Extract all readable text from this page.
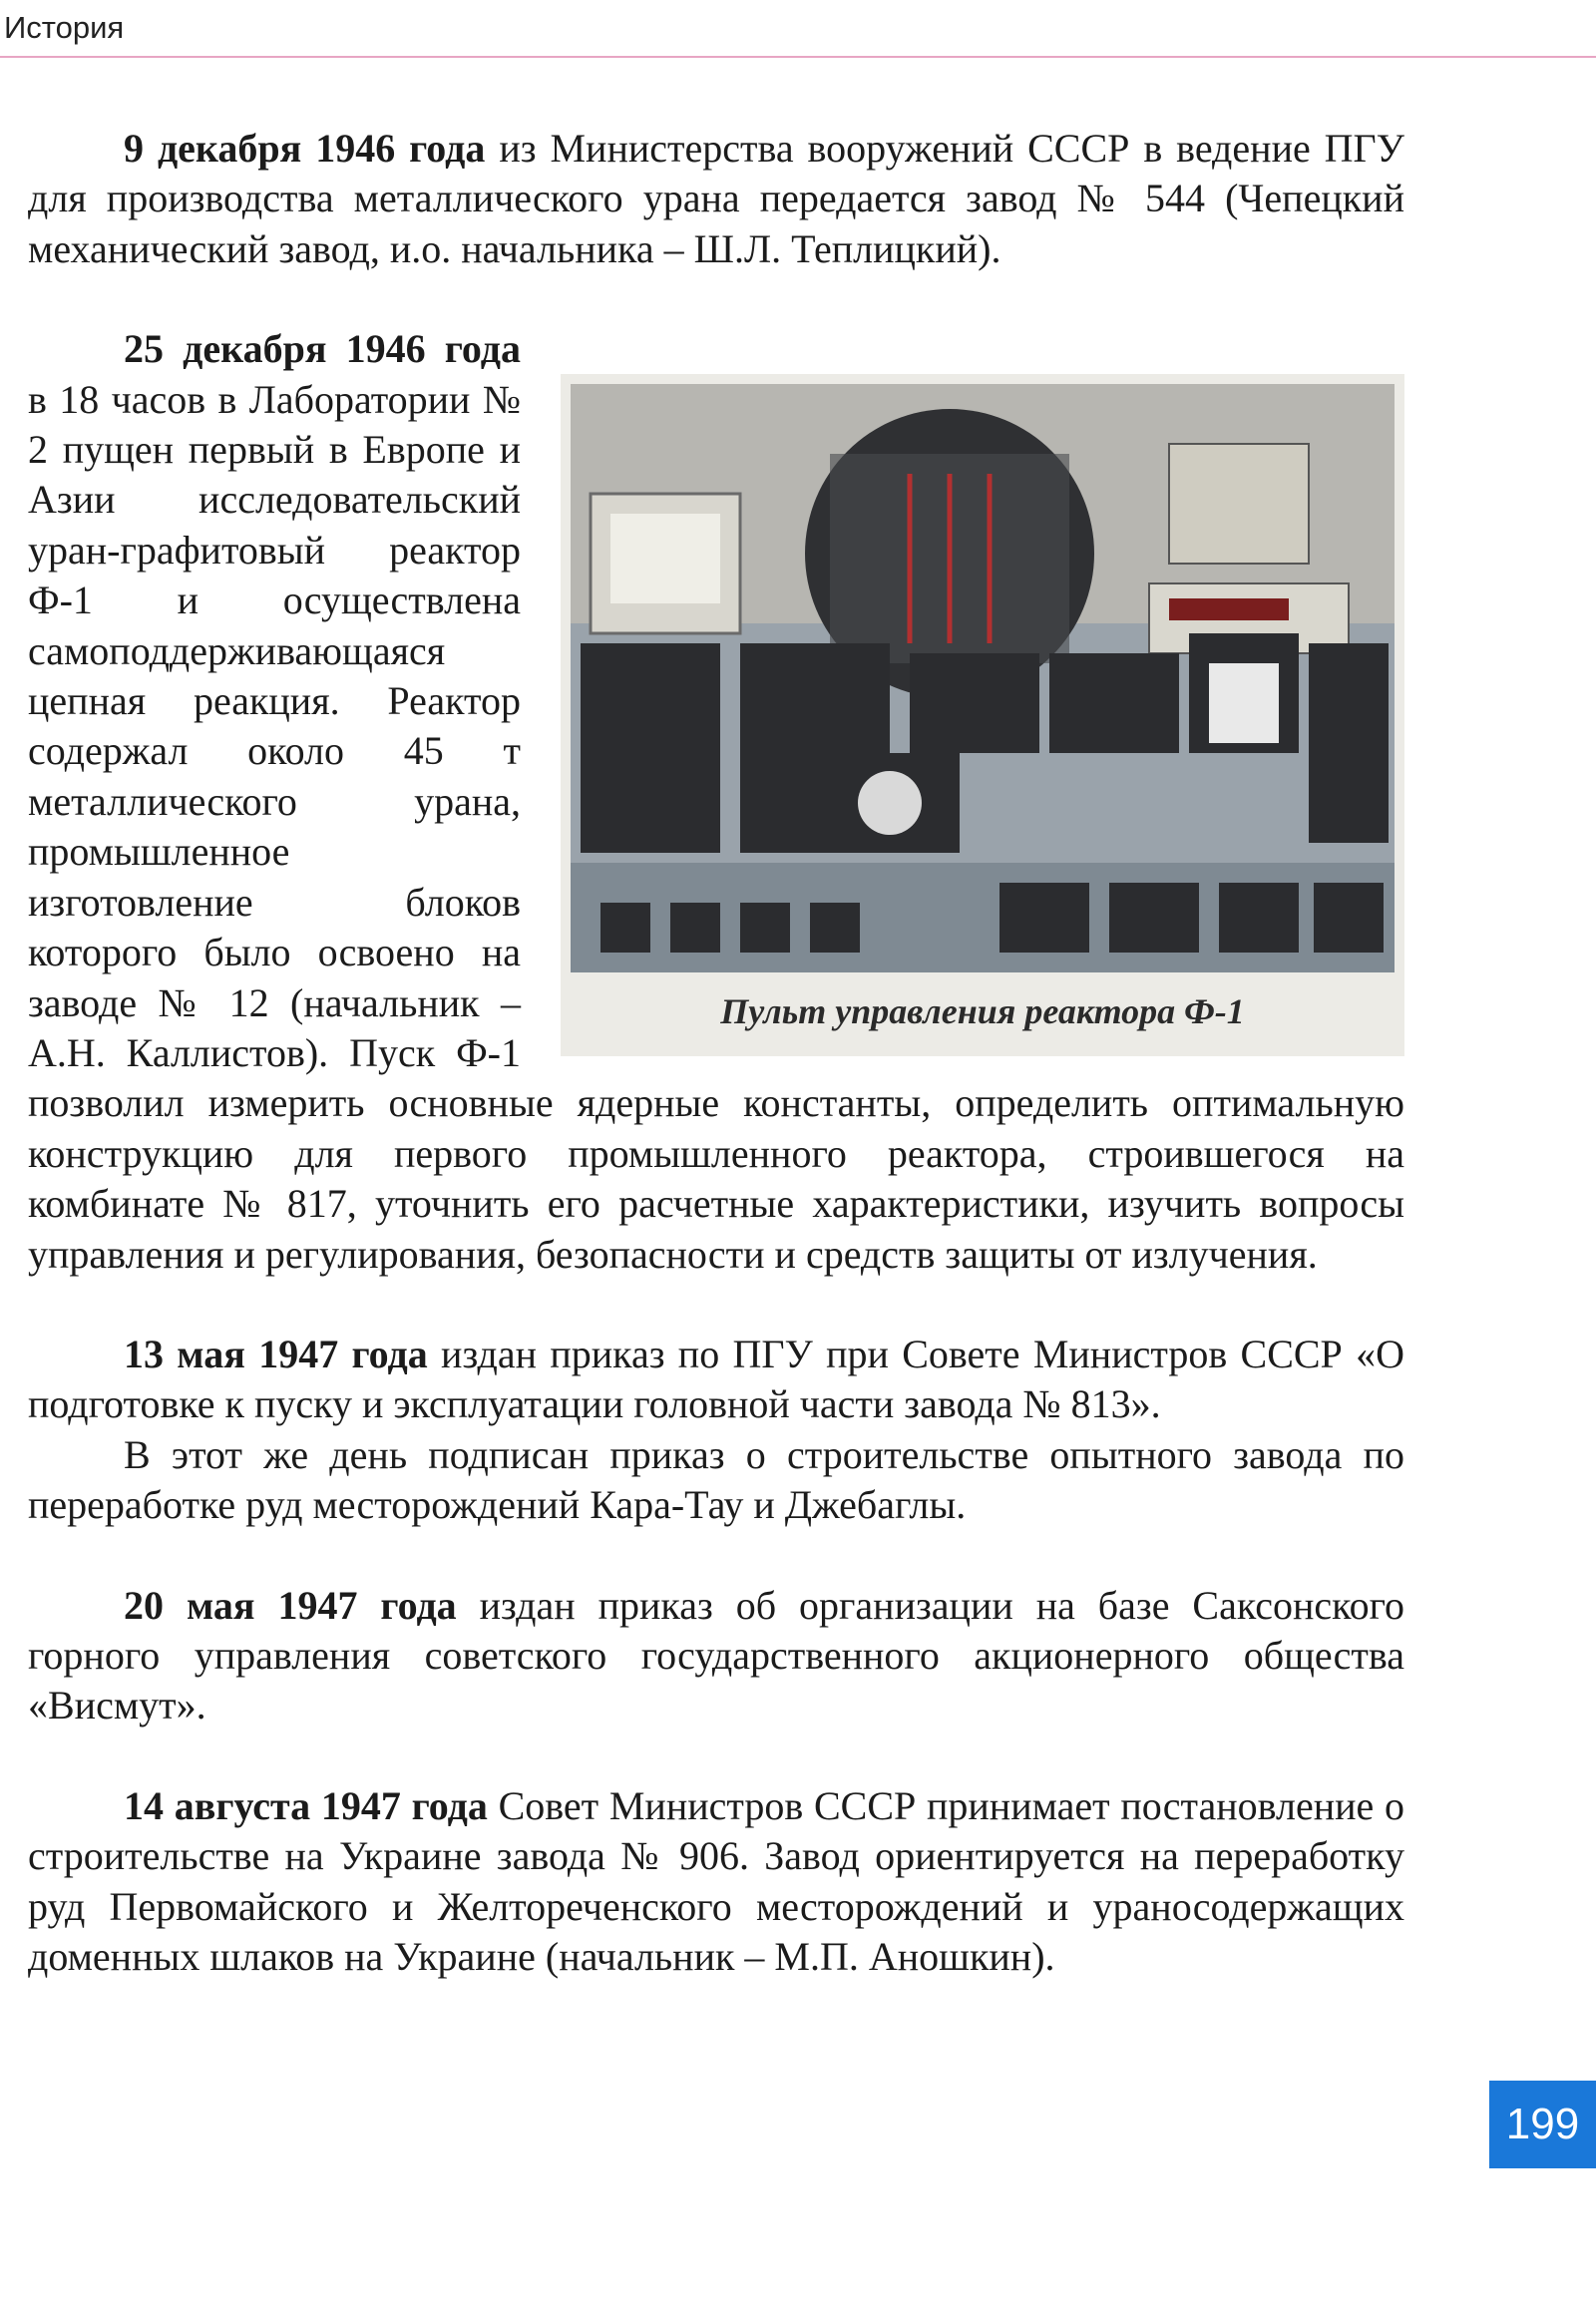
История

9 декабря 1946 года из Министерства вооружений СССР в ведение ПГУ для производства металлического урана передается завод № 544 (Чепецкий механический завод, и.о. начальника – Ш.Л. Теплицкий).

Пульт управления реактора Ф-1

25 декабря 1946 года в 18 часов в Лаборатории № 2 пущен первый в Европе и Азии исследовательский уран-графитовый реактор Ф-1 и осуществлена самоподдерживающаяся цепная реакция. Реактор содержал около 45 т металлического урана, промышленное изготовление блоков которого было освоено на заводе № 12 (начальник – А.Н. Каллистов). Пуск Ф-1 позволил измерить основные ядерные константы, определить оптимальную конструкцию для первого промышленного реактора, строившегося на комбинате № 817, уточнить его расчетные характеристики, изучить вопросы управления и регулирования, безопасности и средств защиты от излучения.

13 мая 1947 года издан приказ по ПГУ при Совете Министров СССР «О подготовке к пуску и эксплуатации головной части завода № 813».

В этот же день подписан приказ о строительстве опытного завода по переработке руд месторождений Кара-Тау и Джебаглы.

20 мая 1947 года издан приказ об организации на базе Саксонского горного управления советского государственного акционерного общества «Висмут».

14 августа 1947 года Совет Министров СССР принимает постановление о строительстве на Украине завода № 906. Завод ориентируется на переработку руд Первомайского и Желтореченского месторождений и ураносодержащих доменных шлаков на Украине (начальник – М.П. Аношкин).

199
